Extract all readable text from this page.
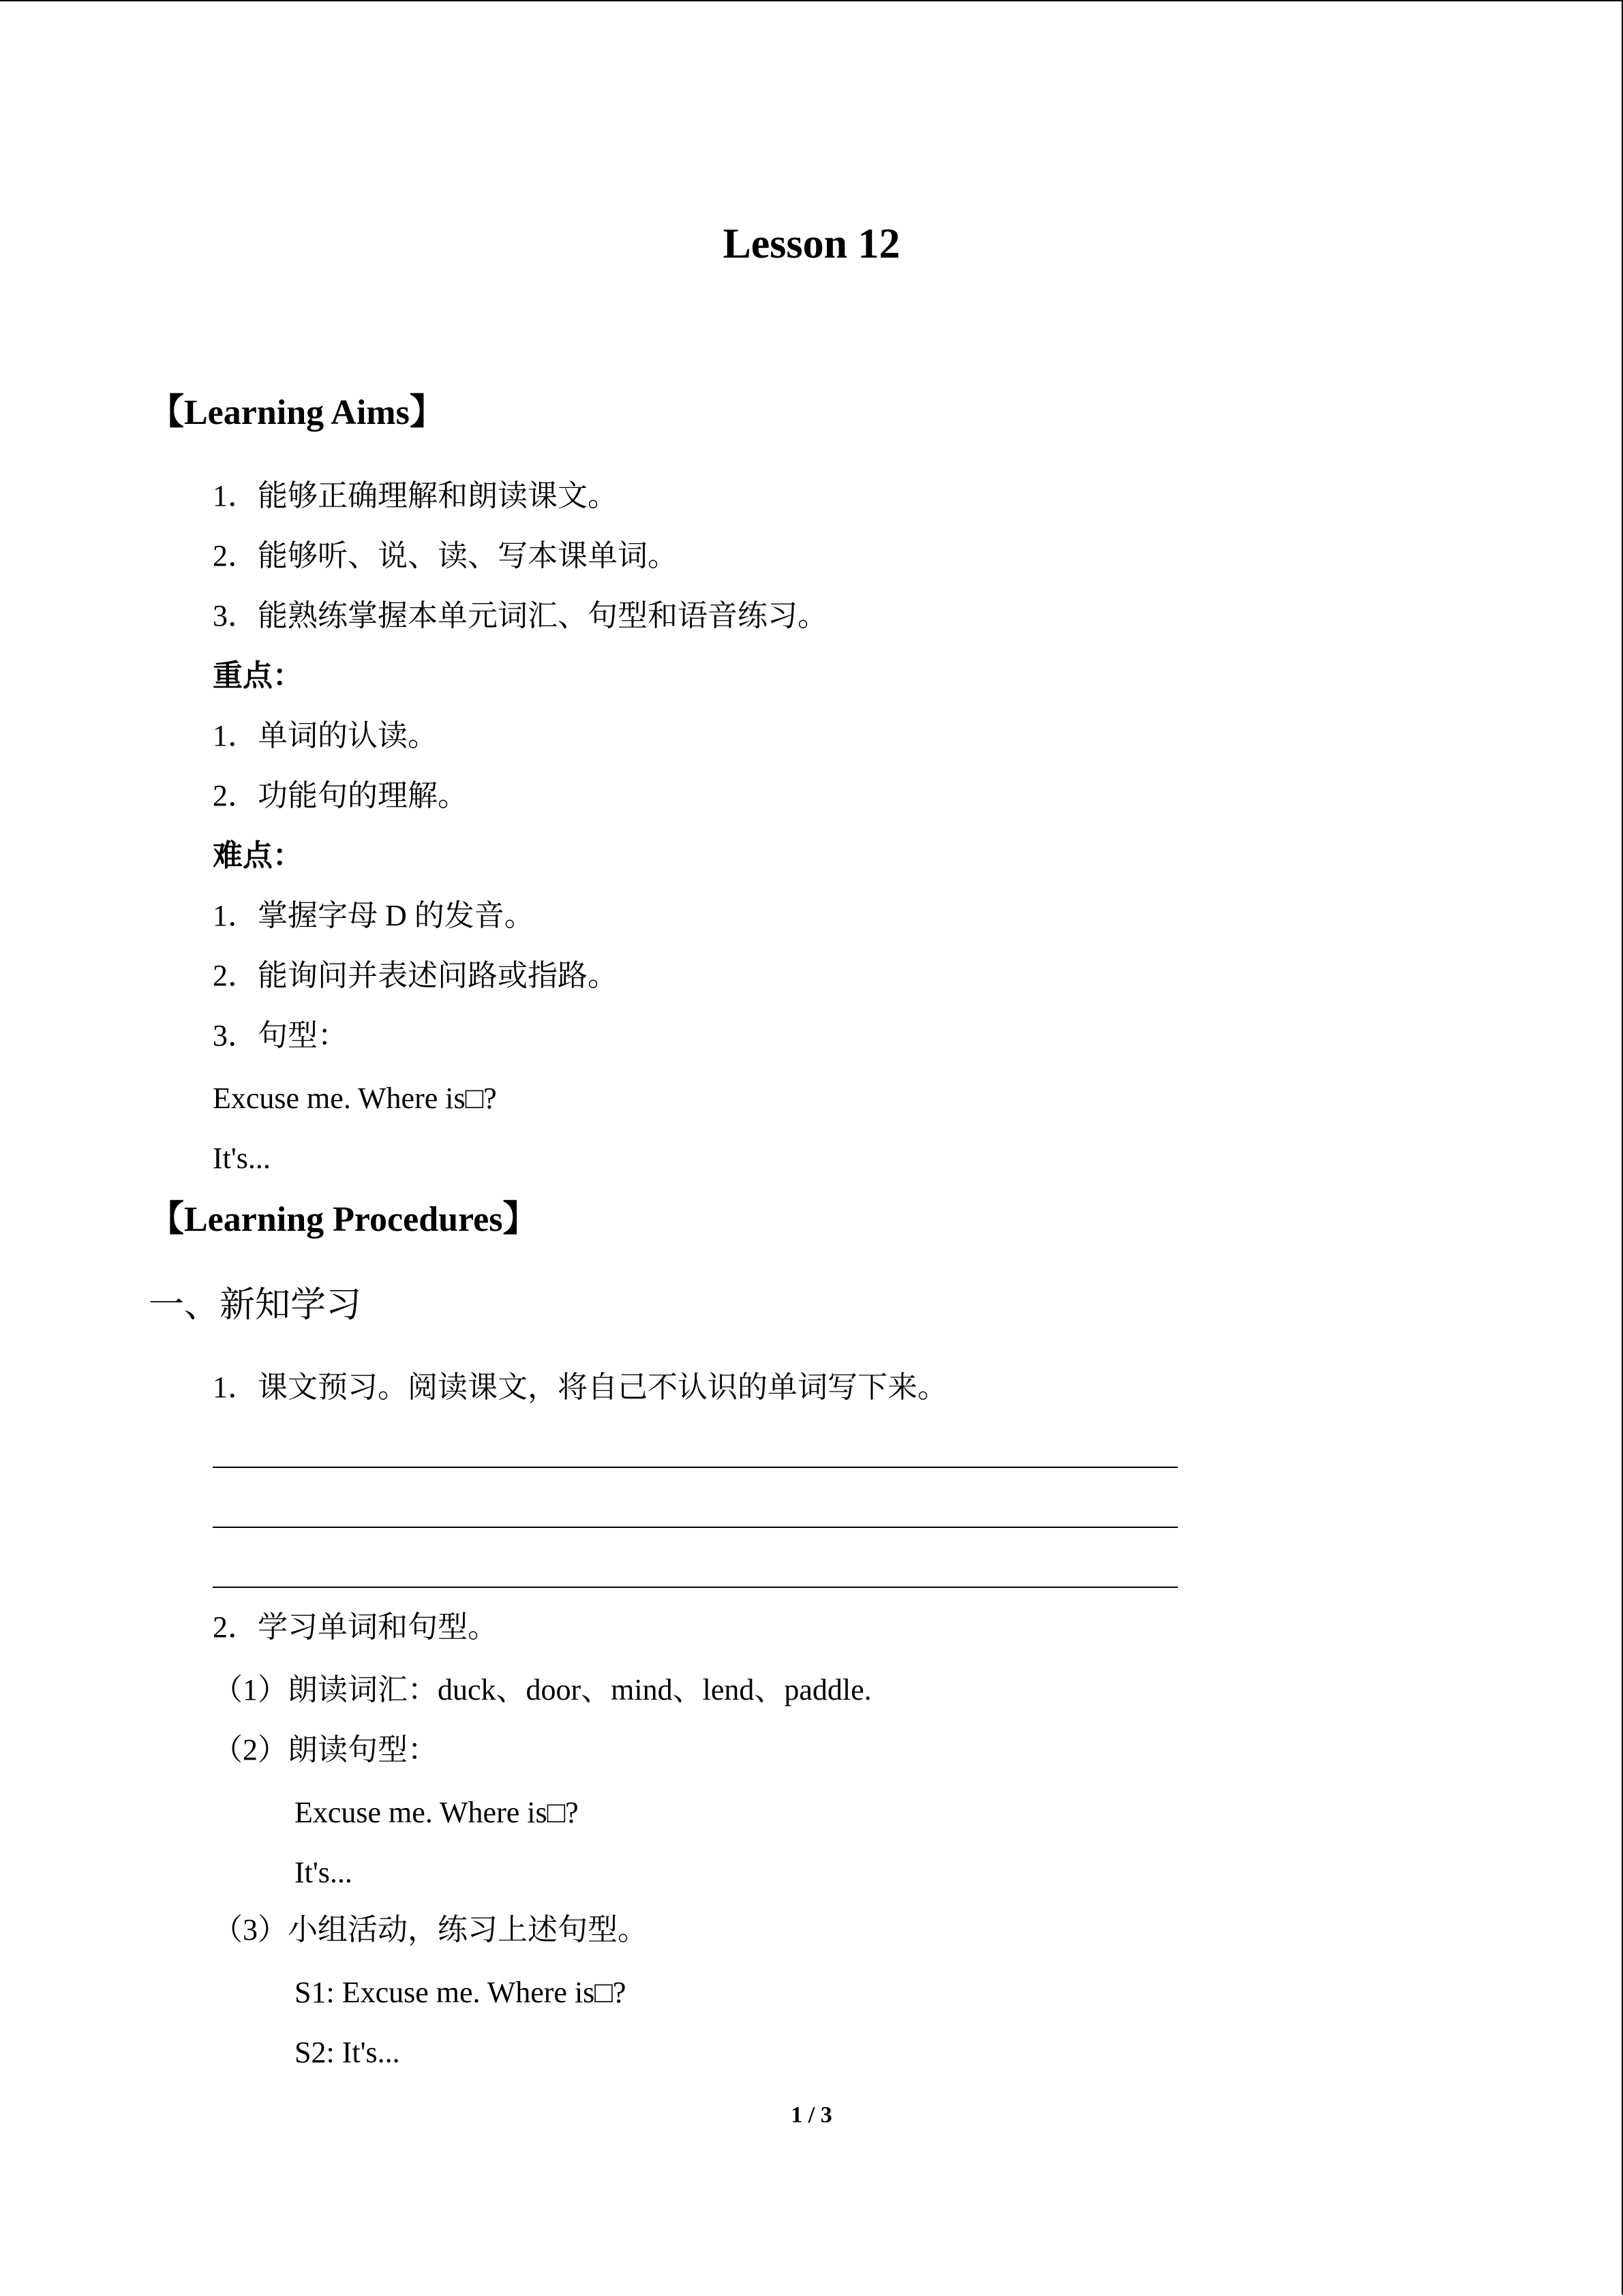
Lesson 12
【Learning Aims】
1．能够正确理解和朗读课文。
2．能够听、说、读、写本课单词。
3．能熟练掌握本单元词汇、句型和语音练习。
重点：
1．单词的认读。
2．功能句的理解。
难点：
1．掌握字母 D 的发音。
2．能询问并表述问路或指路。
3．句型：
Excuse me. Where is□?
It's...
【Learning Procedures】
一、新知学习
1．课文预习。阅读课文，将自己不认识的单词写下来。
2．学习单词和句型。
（1）朗读词汇：duck、door、mind、lend、paddle.
（2）朗读句型：
Excuse me. Where is□?
It's...
（3）小组活动，练习上述句型。
S1: Excuse me. Where is□?
S2: It's...
1 / 3
